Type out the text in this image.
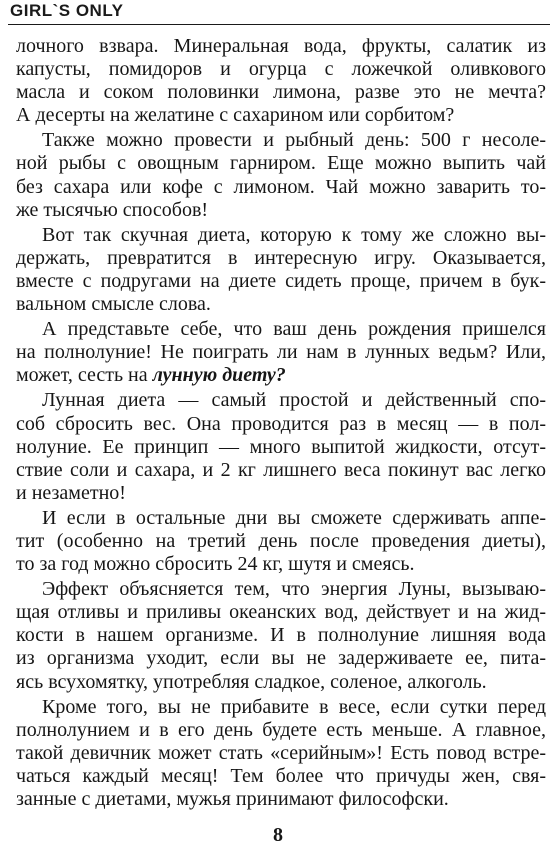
GIRL`S ONLY
лочного взвара. Минеральная вода, фрукты, салатик из
капусты, помидоров и огурца с ложечкой оливкового
масла и соком половинки лимона, разве это не мечта?
А десерты на желатине с сахарином или сорбитом?
Также можно провести и рыбный день: 500 г несоле-
ной рыбы с овощным гарниром. Еще можно выпить чай
без сахара или кофе с лимоном. Чай можно заварить то-
же тысячью способов!
Вот так скучная диета, которую к тому же сложно вы-
держать, превратится в интересную игру. Оказывается,
вместе с подругами на диете сидеть проще, причем в бук-
вальном смысле слова.
А представьте себе, что ваш день рождения пришелся
на полнолуние! Не поиграть ли нам в лунных ведьм? Или,
может, сесть на лунную диету?
Лунная диета — самый простой и действенный спо-
соб сбросить вес. Она проводится раз в месяц — в пол-
нолуние. Ее принцип — много выпитой жидкости, отсут-
ствие соли и сахара, и 2 кг лишнего веса покинут вас легко
и незаметно!
И если в остальные дни вы сможете сдерживать аппе-
тит (особенно на третий день после проведения диеты),
то за год можно сбросить 24 кг, шутя и смеясь.
Эффект объясняется тем, что энергия Луны, вызываю-
щая отливы и приливы океанских вод, действует и на жид-
кости в нашем организме. И в полнолуние лишняя вода
из организма уходит, если вы не задерживаете ее, пита-
ясь всухомятку, употребляя сладкое, соленое, алкоголь.
Кроме того, вы не прибавите в весе, если сутки перед
полнолунием и в его день будете есть меньше. А главное,
такой девичник может стать «серийным»! Есть повод встре-
чаться каждый месяц! Тем более что причуды жен, свя-
занные с диетами, мужья принимают философски.
8
